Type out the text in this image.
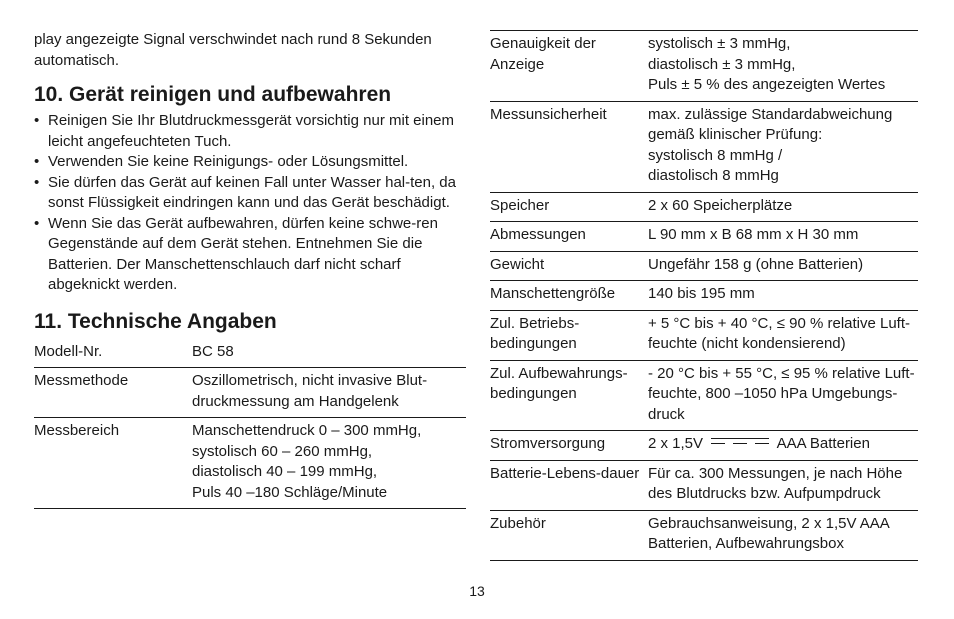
play angezeigte Signal verschwindet nach rund 8 Sekunden automatisch.

10. Gerät reinigen und aufbewahren
• Reinigen Sie Ihr Blutdruckmessgerät vorsichtig nur mit einem leicht angefeuchteten Tuch.
• Verwenden Sie keine Reinigungs- oder Lösungsmittel.
• Sie dürfen das Gerät auf keinen Fall unter Wasser hal-ten, da sonst Flüssigkeit eindringen kann und das Gerät beschädigt.
• Wenn Sie das Gerät aufbewahren, dürfen keine schwe-ren Gegenstände auf dem Gerät stehen. Entnehmen Sie die Batterien. Der Manschettenschlauch darf nicht scharf abgeknickt werden.
11. Technische Angaben
Modell-Nr.	BC 58
Messmethode	Oszillometrisch, nicht invasive Blut-druckmessung am Handgelenk
Messbereich	Manschettendruck 0 – 300 mmHg,
systolisch 60 – 260 mmHg,
diastolisch 40 – 199 mmHg,
Puls 40 –180 Schläge/Minute
Genauigkeit der Anzeige	systolisch ± 3 mmHg,
diastolisch ± 3 mmHg,
Puls ± 5 % des angezeigten Wertes
Messunsicherheit	max. zulässige Standardabweichung gemäß klinischer Prüfung:
systolisch 8 mmHg /
diastolisch 8 mmHg
Speicher	2 x 60 Speicherplätze
Abmessungen	L 90 mm x B 68 mm x H 30 mm
Gewicht	Ungefähr 158 g (ohne Batterien)
Manschettengröße	140 bis 195 mm
Zul. Betriebs-bedingungen	+ 5 °C bis + 40 °C, ≤ 90 % relative Luft-feuchte (nicht kondensierend)
Zul. Aufbewahrungs-bedingungen	- 20 °C bis + 55 °C, ≤ 95 % relative Luft-feuchte, 800 –1050 hPa Umgebungs-druck
Stromversorgung	2 x 1,5V AAA Batterien
Batterie-Lebens-dauer	Für ca. 300 Messungen, je nach Höhe des Blutdrucks bzw. Aufpumpdruck
Zubehör	Gebrauchsanweisung, 2 x 1,5V AAA Batterien, Aufbewahrungsbox
13
